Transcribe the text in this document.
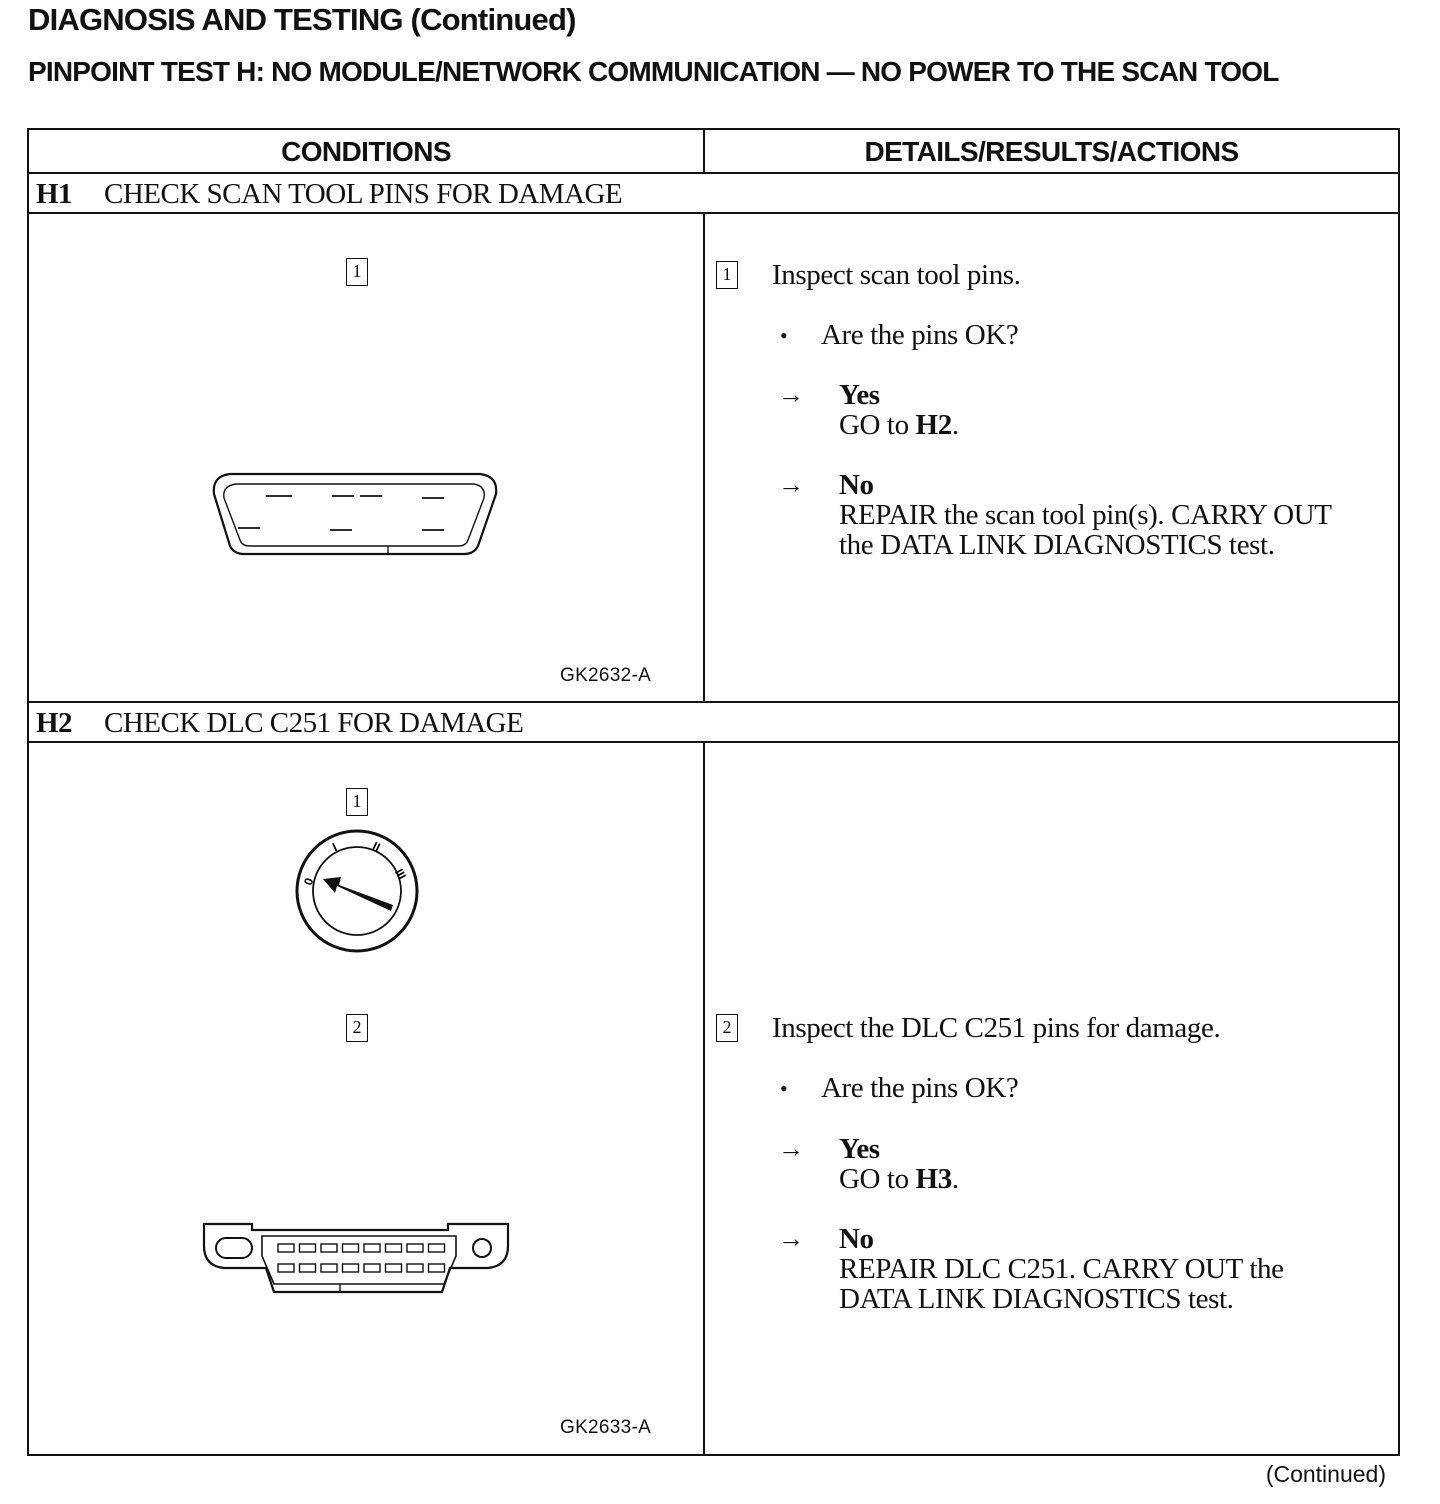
DIAGNOSIS AND TESTING (Continued)
PINPOINT TEST H: NO MODULE/NETWORK COMMUNICATION — NO POWER TO THE SCAN TOOL
CONDITIONS	DETAILS/RESULTS/ACTIONS
H1 CHECK SCAN TOOL PINS FOR DAMAGE
1
GK2632-A
1 Inspect scan tool pins.
• Are the pins OK?
→ Yes
GO to H2.
→ No
REPAIR the scan tool pin(s). CARRY OUT
the DATA LINK DIAGNOSTICS test.
H2 CHECK DLC C251 FOR DAMAGE
1
0
I	II
III
2
GK2633-A
2 Inspect the DLC C251 pins for damage.
• Are the pins OK?
→ Yes
GO to H3.
→ No
REPAIR DLC C251. CARRY OUT the
DATA LINK DIAGNOSTICS test.
(Continued)
